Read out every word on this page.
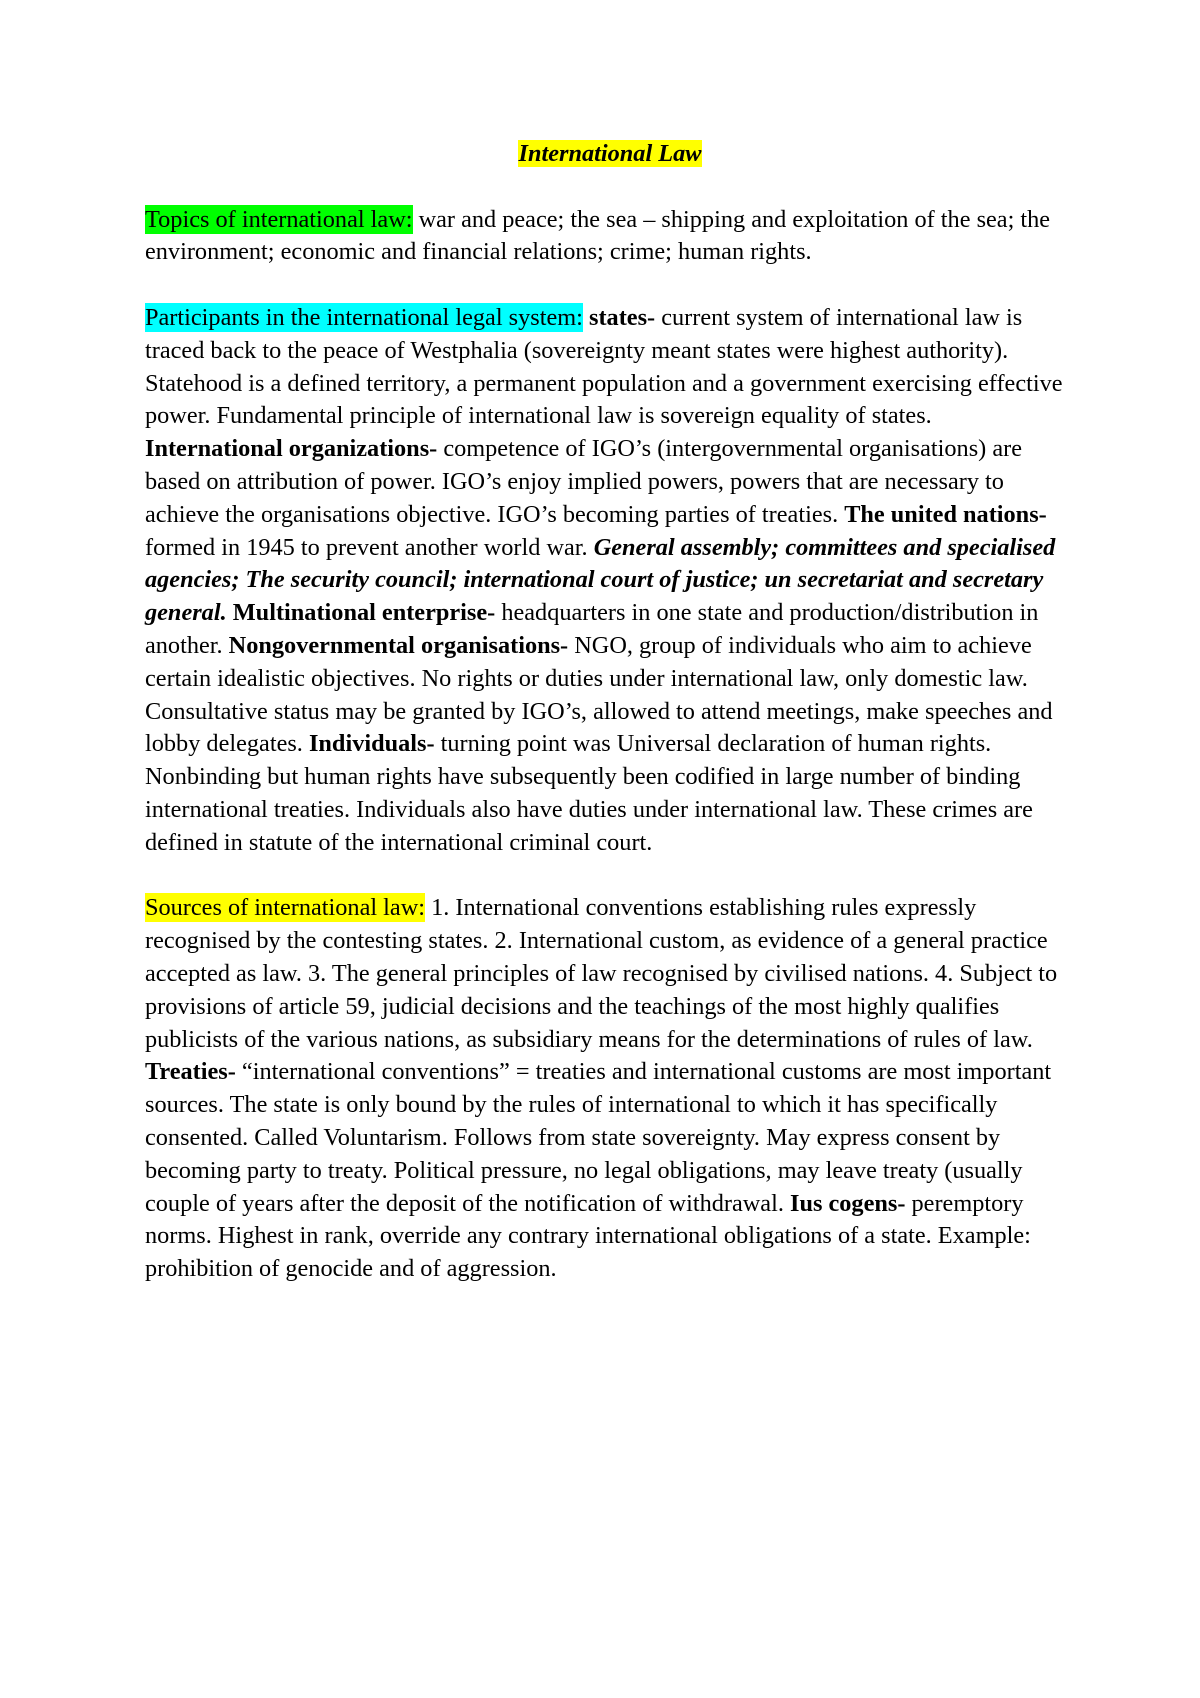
International Law

Topics of international law: war and peace; the sea – shipping and exploitation of the sea; the environment; economic and financial relations; crime; human rights.

Participants in the international legal system: states- current system of international law is traced back to the peace of Westphalia (sovereignty meant states were highest authority). Statehood is a defined territory, a permanent population and a government exercising effective power. Fundamental principle of international law is sovereign equality of states. International organizations- competence of IGO’s (intergovernmental organisations) are based on attribution of power. IGO’s enjoy implied powers, powers that are necessary to achieve the organisations objective. IGO’s becoming parties of treaties. The united nations- formed in 1945 to prevent another world war. General assembly; committees and specialised agencies; The security council; international court of justice; un secretariat and secretary general. Multinational enterprise- headquarters in one state and production/distribution in another. Nongovernmental organisations- NGO, group of individuals who aim to achieve certain idealistic objectives. No rights or duties under international law, only domestic law. Consultative status may be granted by IGO’s, allowed to attend meetings, make speeches and lobby delegates. Individuals- turning point was Universal declaration of human rights. Nonbinding but human rights have subsequently been codified in large number of binding international treaties. Individuals also have duties under international law. These crimes are defined in statute of the international criminal court.

Sources of international law: 1. International conventions establishing rules expressly recognised by the contesting states. 2. International custom, as evidence of a general practice accepted as law. 3. The general principles of law recognised by civilised nations. 4. Subject to provisions of article 59, judicial decisions and the teachings of the most highly qualifies publicists of the various nations, as subsidiary means for the determinations of rules of law. Treaties- “international conventions” = treaties and international customs are most important sources. The state is only bound by the rules of international to which it has specifically consented. Called Voluntarism. Follows from state sovereignty. May express consent by becoming party to treaty. Political pressure, no legal obligations, may leave treaty (usually couple of years after the deposit of the notification of withdrawal. Ius cogens- peremptory norms. Highest in rank, override any contrary international obligations of a state. Example: prohibition of genocide and of aggression.
